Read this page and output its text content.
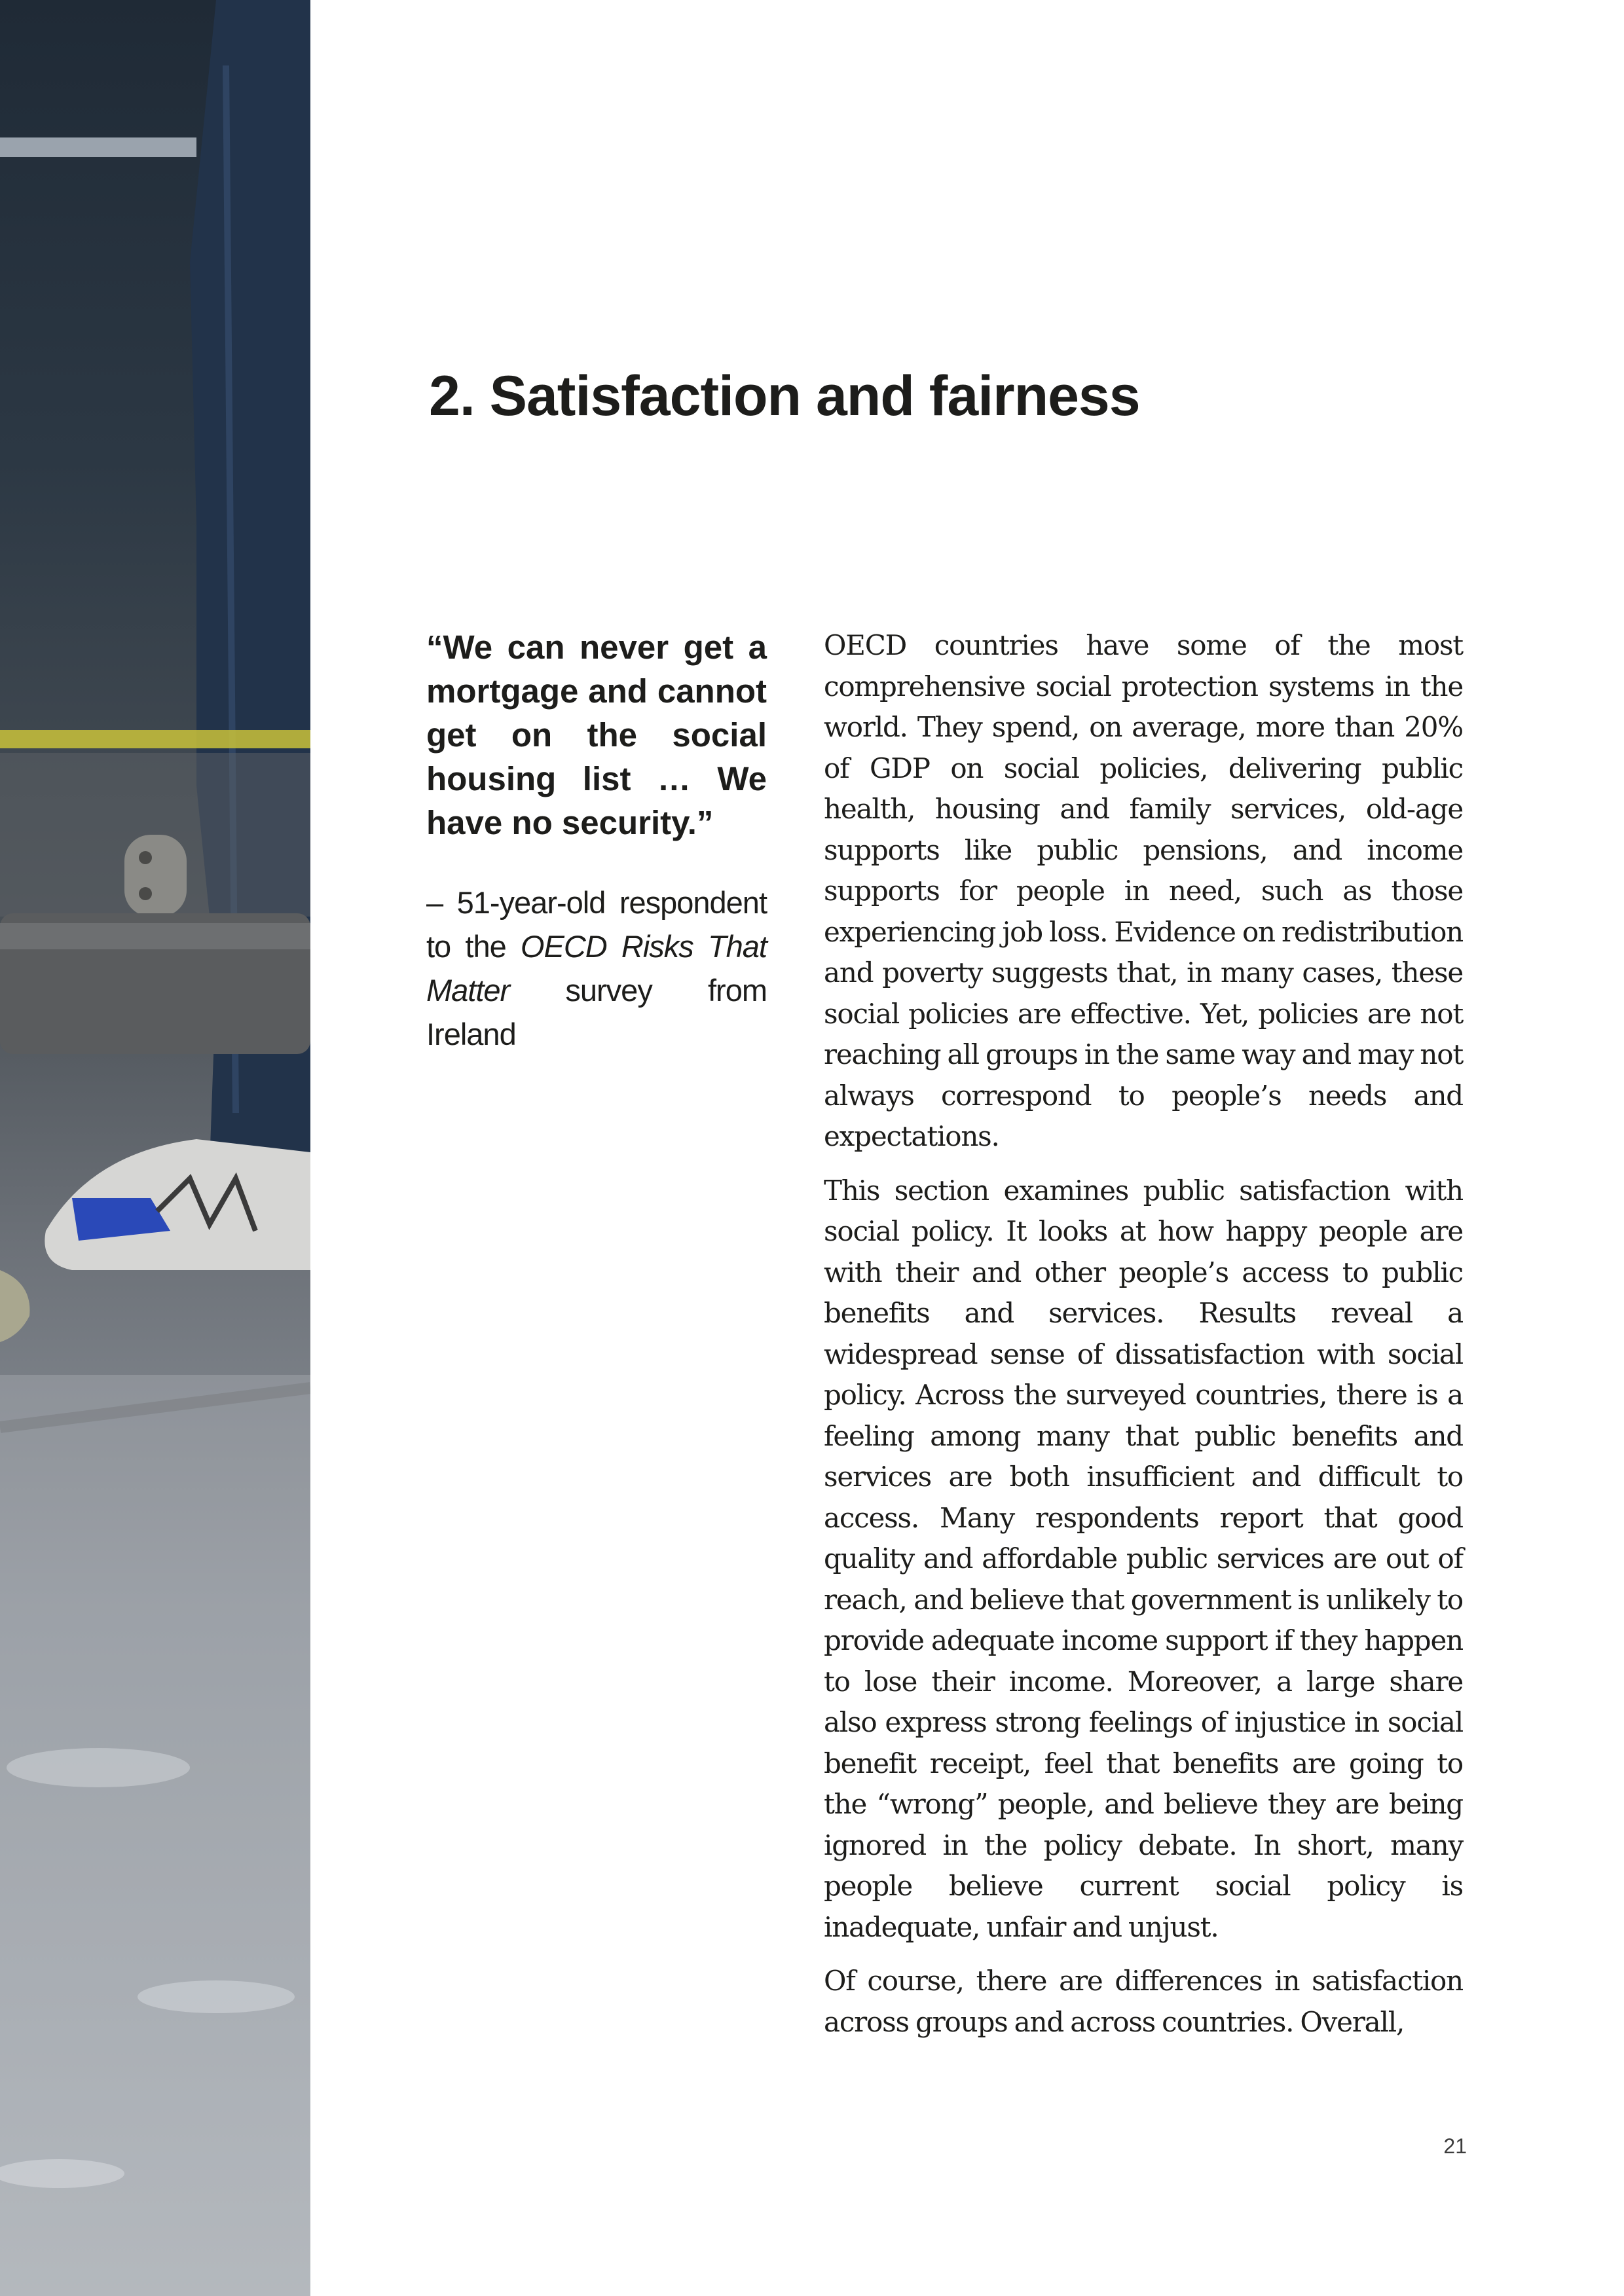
2. Satisfaction and fairness

“We can never get a mortgage and cannot get on the social housing list … We have no security.”

– 51-year-old respondent to the OECD Risks That Matter survey from Ireland

OECD countries have some of the most comprehensive social protection systems in the world. They spend, on average, more than 20% of GDP on social policies, delivering public health, housing and family services, old-age supports like public pensions, and income supports for people in need, such as those experiencing job loss. Evidence on redistribution and poverty suggests that, in many cases, these social policies are effective. Yet, policies are not reaching all groups in the same way and may not always correspond to people’s needs and expectations.

This section examines public satisfaction with social policy. It looks at how happy people are with their and other people’s access to public benefits and services. Results reveal a widespread sense of dissatisfaction with social policy. Across the surveyed countries, there is a feeling among many that public benefits and services are both insufficient and difficult to access. Many respondents report that good quality and affordable public services are out of reach, and believe that government is unlikely to provide adequate income support if they happen to lose their income. Moreover, a large share also express strong feelings of injustice in social benefit receipt, feel that benefits are going to the “wrong” people, and believe they are being ignored in the policy debate. In short, many people believe current social policy is inadequate, unfair and unjust.

Of course, there are differences in satisfaction across groups and across countries. Overall,

21
